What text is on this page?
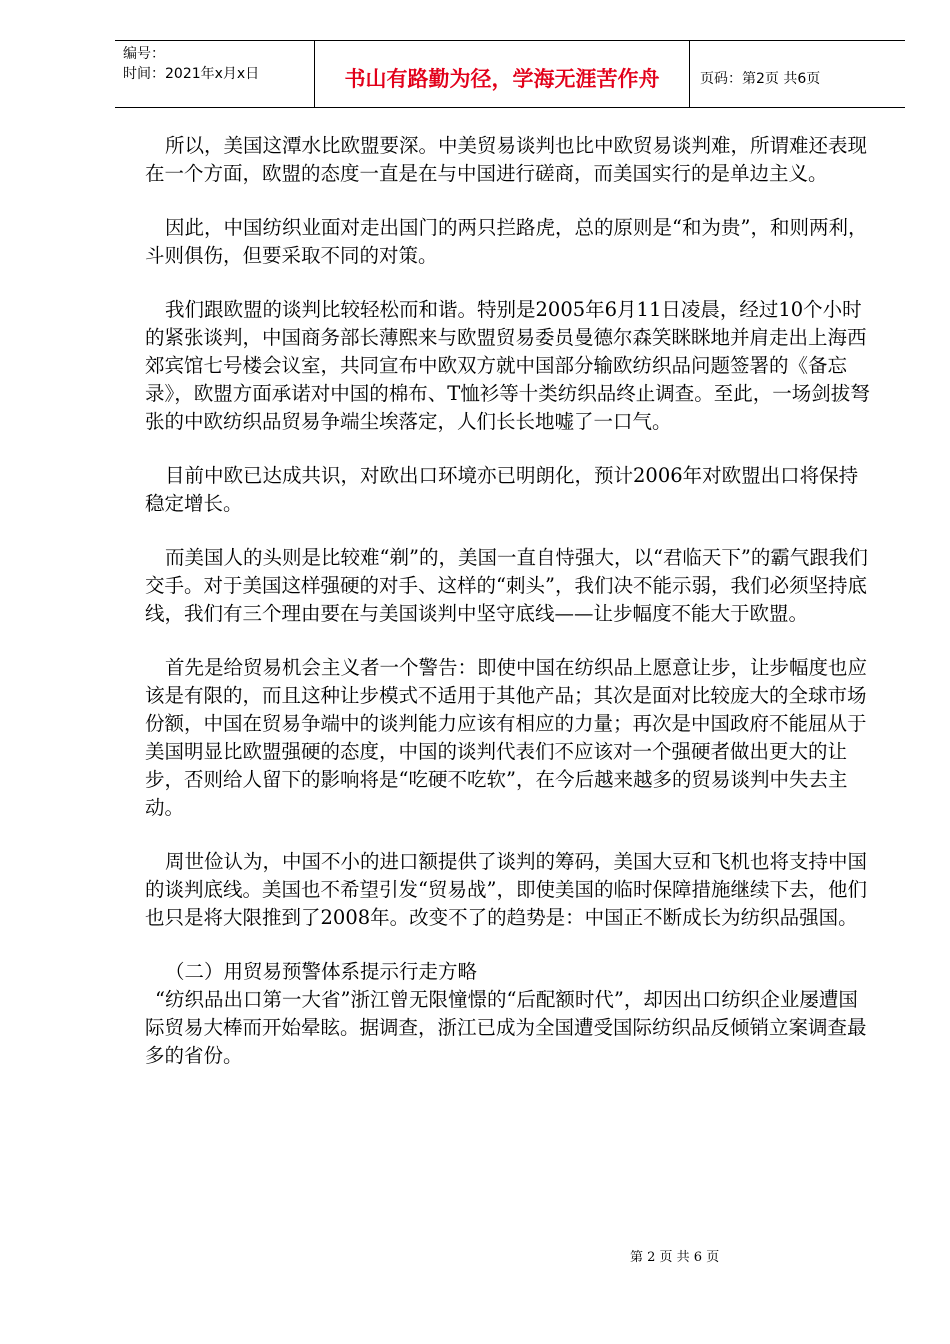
编号：
时间：2021年x月x日	书山有路勤为径，学海无涯苦作舟	页码：第2页 共6页

所以，美国这潭水比欧盟要深。中美贸易谈判也比中欧贸易谈判难，所谓难还表现在一个方面，欧盟的态度一直是在与中国进行磋商，而美国实行的是单边主义。

因此，中国纺织业面对走出国门的两只拦路虎，总的原则是“和为贵”，和则两利，斗则俱伤，但要采取不同的对策。

我们跟欧盟的谈判比较轻松而和谐。特别是2005年6月11日凌晨，经过10个小时的紧张谈判，中国商务部长薄熙来与欧盟贸易委员曼德尔森笑眯眯地并肩走出上海西郊宾馆七号楼会议室，共同宣布中欧双方就中国部分输欧纺织品问题签署的《备忘录》，欧盟方面承诺对中国的棉布、T恤衫等十类纺织品终止调查。至此，一场剑拔弩张的中欧纺织品贸易争端尘埃落定，人们长长地嘘了一口气。

目前中欧已达成共识，对欧出口环境亦已明朗化，预计2006年对欧盟出口将保持稳定增长。

而美国人的头则是比较难“剃”的，美国一直自恃强大，以“君临天下”的霸气跟我们交手。对于美国这样强硬的对手、这样的“刺头”，我们决不能示弱，我们必须坚持底线，我们有三个理由要在与美国谈判中坚守底线——让步幅度不能大于欧盟。

首先是给贸易机会主义者一个警告：即使中国在纺织品上愿意让步，让步幅度也应该是有限的，而且这种让步模式不适用于其他产品；其次是面对比较庞大的全球市场份额，中国在贸易争端中的谈判能力应该有相应的力量；再次是中国政府不能屈从于美国明显比欧盟强硬的态度，中国的谈判代表们不应该对一个强硬者做出更大的让步，否则给人留下的影响将是“吃硬不吃软”，在今后越来越多的贸易谈判中失去主动。

周世俭认为，中国不小的进口额提供了谈判的筹码，美国大豆和飞机也将支持中国的谈判底线。美国也不希望引发“贸易战”，即使美国的临时保障措施继续下去，他们也只是将大限推到了2008年。改变不了的趋势是：中国正不断成长为纺织品强国。

（二）用贸易预警体系提示行走方略

“纺织品出口第一大省”浙江曾无限憧憬的“后配额时代”，却因出口纺织企业屡遭国际贸易大棒而开始晕眩。据调查，浙江已成为全国遭受国际纺织品反倾销立案调查最多的省份。

第 2 页 共 6 页
